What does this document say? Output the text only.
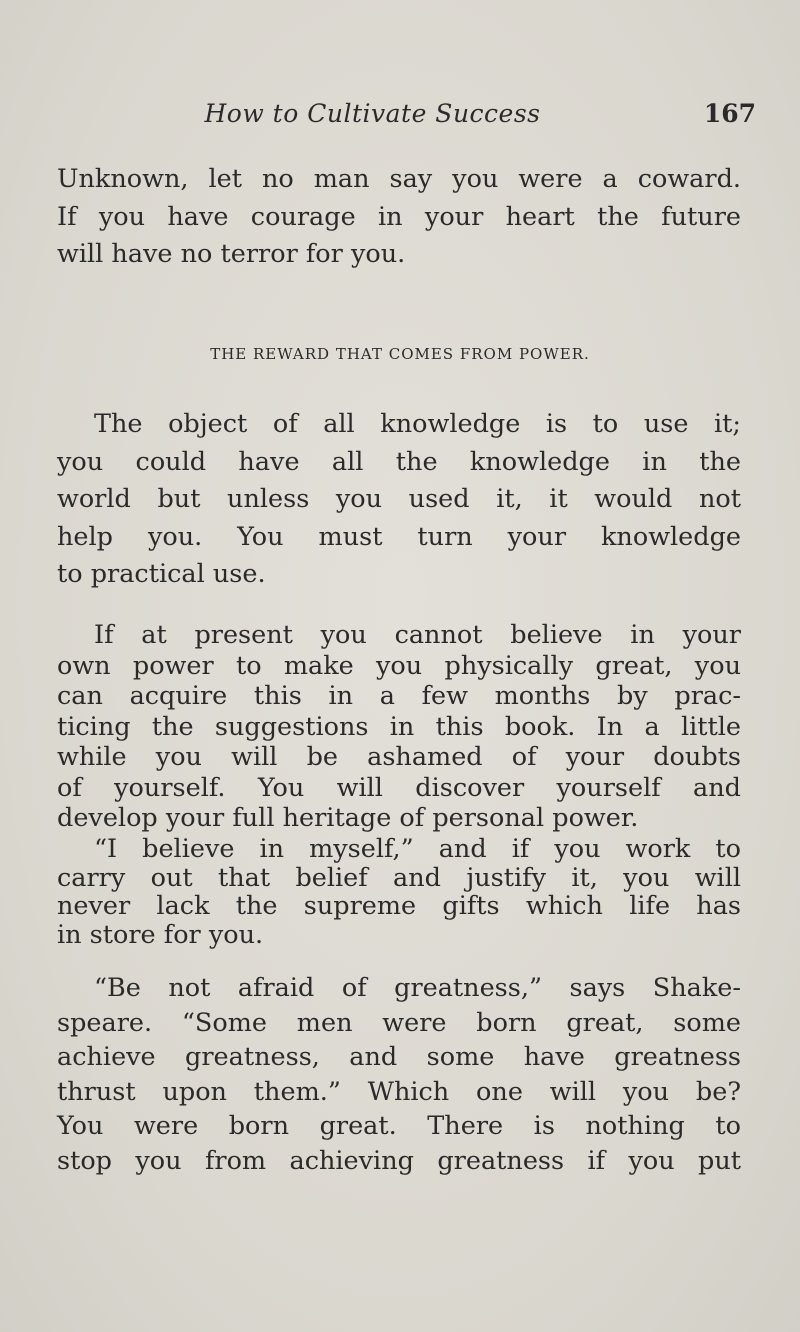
How to Cultivate Success	167
Unknown, let no man say you were a coward.
If you have courage in your heart the future
will have no terror for you.
THE REWARD THAT COMES FROM POWER.
The object of all knowledge is to use it;
you could have all the knowledge in the
world but unless you used it, it would not
help you. You must turn your knowledge
to practical use.
If at present you cannot believe in your
own power to make you physically great, you
can acquire this in a few months by prac-
ticing the suggestions in this book. In a little
while you will be ashamed of your doubts
of yourself. You will discover yourself and
develop your full heritage of personal power.
“I believe in myself,” and if you work to
carry out that belief and justify it, you will
never lack the supreme gifts which life has
in store for you.
“Be not afraid of greatness,” says Shake-
speare. “Some men were born great, some
achieve greatness, and some have greatness
thrust upon them.” Which one will you be?
You were born great. There is nothing to
stop you from achieving greatness if you put
